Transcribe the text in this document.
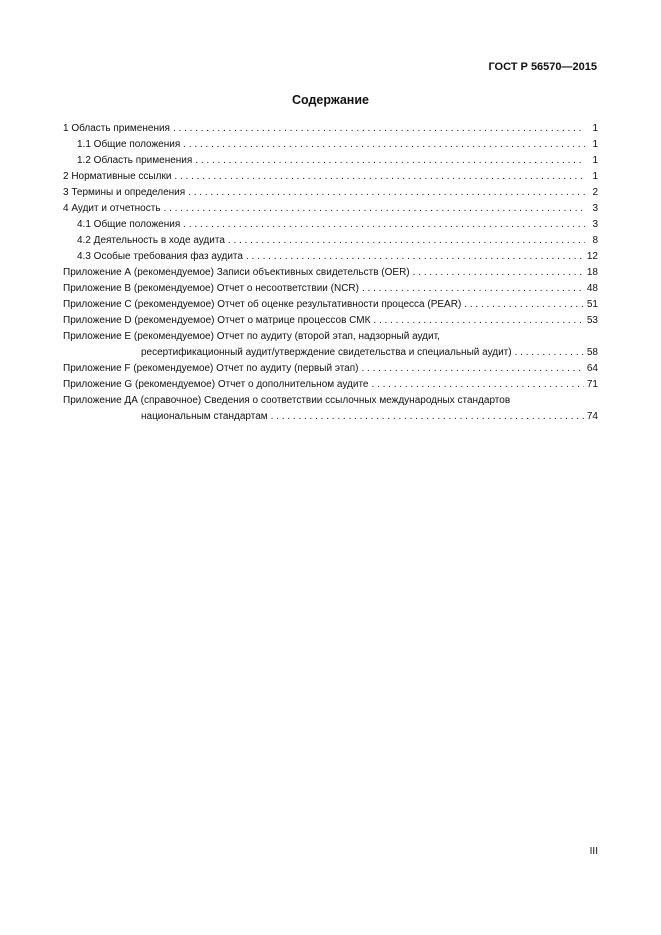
ГОСТ Р 56570—2015
Содержание
1 Область применения . . .	1
1.1 Общие положения . . .	1
1.2 Область применения . . .	1
2 Нормативные ссылки . . .	1
3 Термины и определения . . .	2
4 Аудит и отчетность . . .	3
4.1 Общие положения . . .	3
4.2 Деятельность в ходе аудита . . .	8
4.3 Особые требования фаз аудита . . .	12
Приложение А (рекомендуемое) Записи объективных свидетельств (OER) . . .	18
Приложение В (рекомендуемое) Отчет о несоответствии (NCR) . . .	48
Приложение С (рекомендуемое) Отчет об оценке результативности процесса (PEAR) . . .	51
Приложение D (рекомендуемое) Отчет о матрице процессов СМК . . .	53
Приложение Е (рекомендуемое) Отчет по аудиту (второй этап, надзорный аудит,
ресертификационный аудит/утверждение свидетельства и специальный аудит) . . .	58
Приложение F (рекомендуемое) Отчет по аудиту (первый этап) . . .	64
Приложение G (рекомендуемое) Отчет о дополнительном аудите . . .	71
Приложение ДА (справочное) Сведения о соответствии ссылочных международных стандартов
национальным стандартам . . .	74
III
